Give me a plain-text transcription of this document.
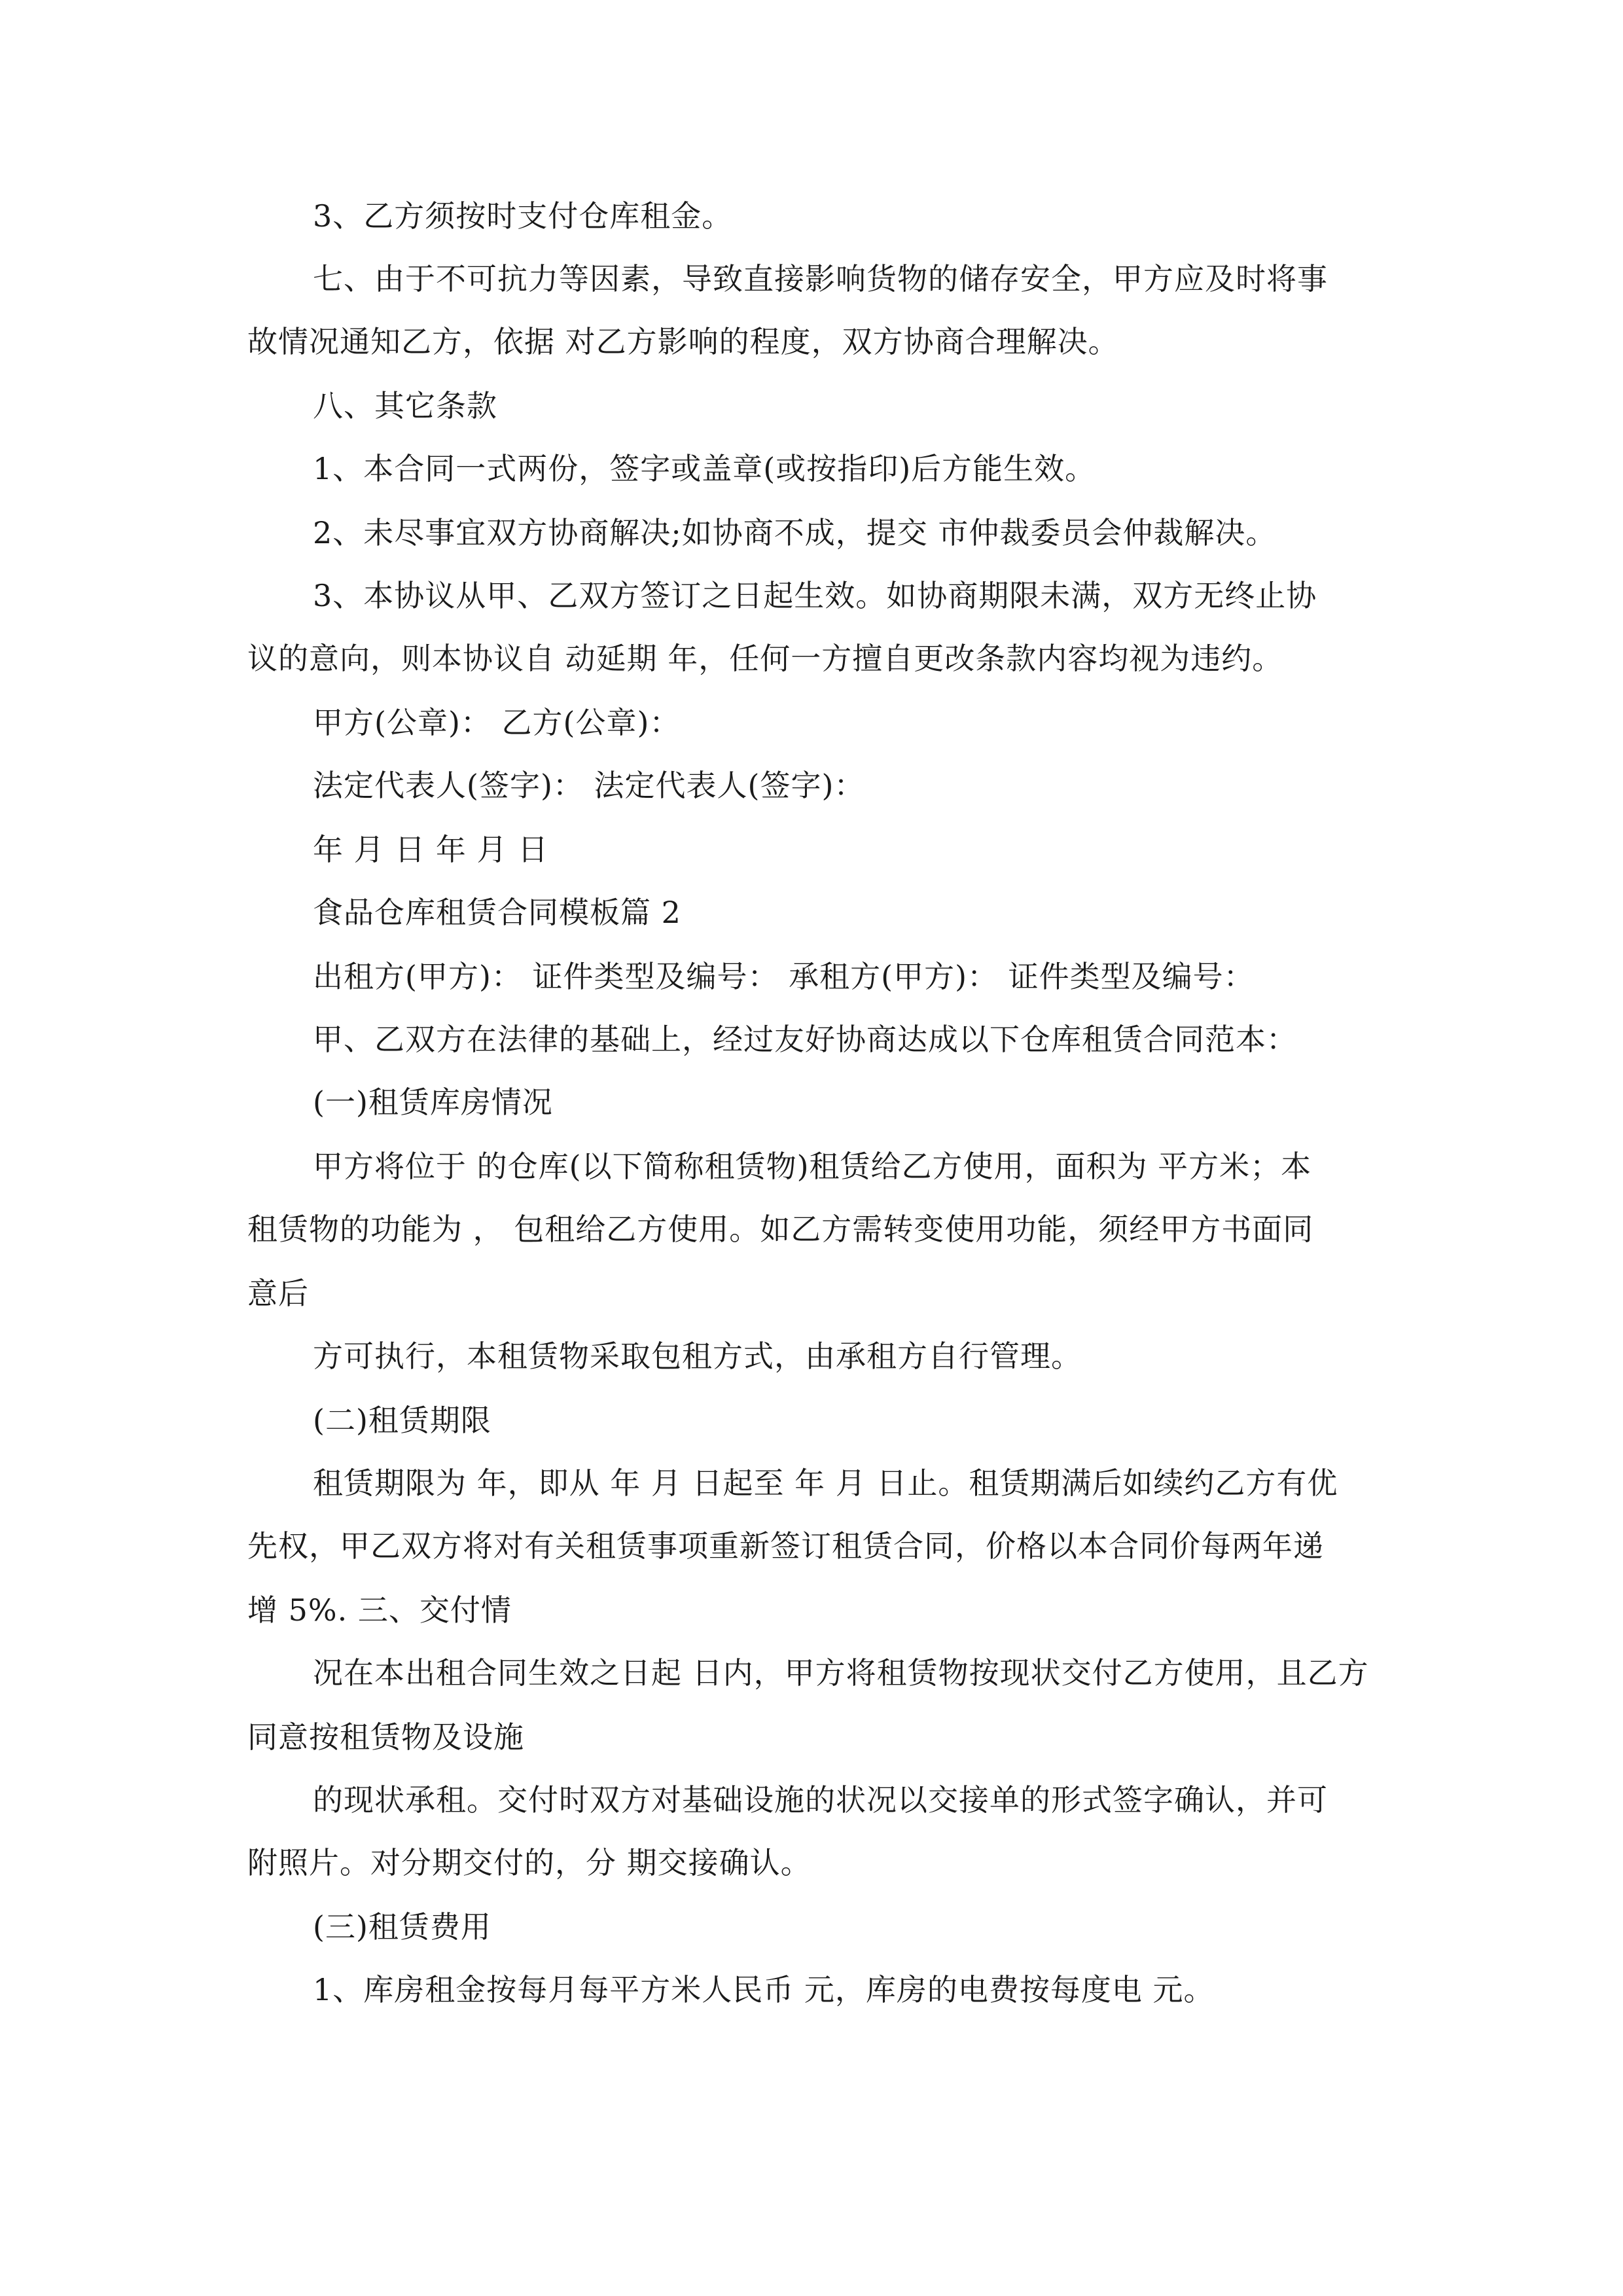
3、乙方须按时支付仓库租金。
七、由于不可抗力等因素，导致直接影响货物的储存安全，甲方应及时将事
故情况通知乙方，依据 对乙方影响的程度，双方协商合理解决。
八、其它条款
1、本合同一式两份，签字或盖章(或按指印)后方能生效。
2、未尽事宜双方协商解决;如协商不成，提交 市仲裁委员会仲裁解决。
3、本协议从甲、乙双方签订之日起生效。如协商期限未满，双方无终止协
议的意向，则本协议自 动延期 年，任何一方擅自更改条款内容均视为违约。
甲方(公章)： 乙方(公章)：
法定代表人(签字)： 法定代表人(签字)：
年 月 日 年 月 日
食品仓库租赁合同模板篇 2
出租方(甲方)： 证件类型及编号： 承租方(甲方)： 证件类型及编号：
甲、乙双方在法律的基础上，经过友好协商达成以下仓库租赁合同范本：
(一)租赁库房情况
甲方将位于 的仓库(以下简称租赁物)租赁给乙方使用，面积为 平方米；本
租赁物的功能为 ， 包租给乙方使用。如乙方需转变使用功能，须经甲方书面同
意后
方可执行，本租赁物采取包租方式，由承租方自行管理。
(二)租赁期限
租赁期限为 年，即从 年 月 日起至 年 月 日止。租赁期满后如续约乙方有优
先权，甲乙双方将对有关租赁事项重新签订租赁合同，价格以本合同价每两年递
增 5%. 三、交付情
况在本出租合同生效之日起 日内，甲方将租赁物按现状交付乙方使用，且乙方
同意按租赁物及设施
的现状承租。交付时双方对基础设施的状况以交接单的形式签字确认，并可
附照片。对分期交付的，分 期交接确认。
(三)租赁费用
1、库房租金按每月每平方米人民币 元，库房的电费按每度电 元。
